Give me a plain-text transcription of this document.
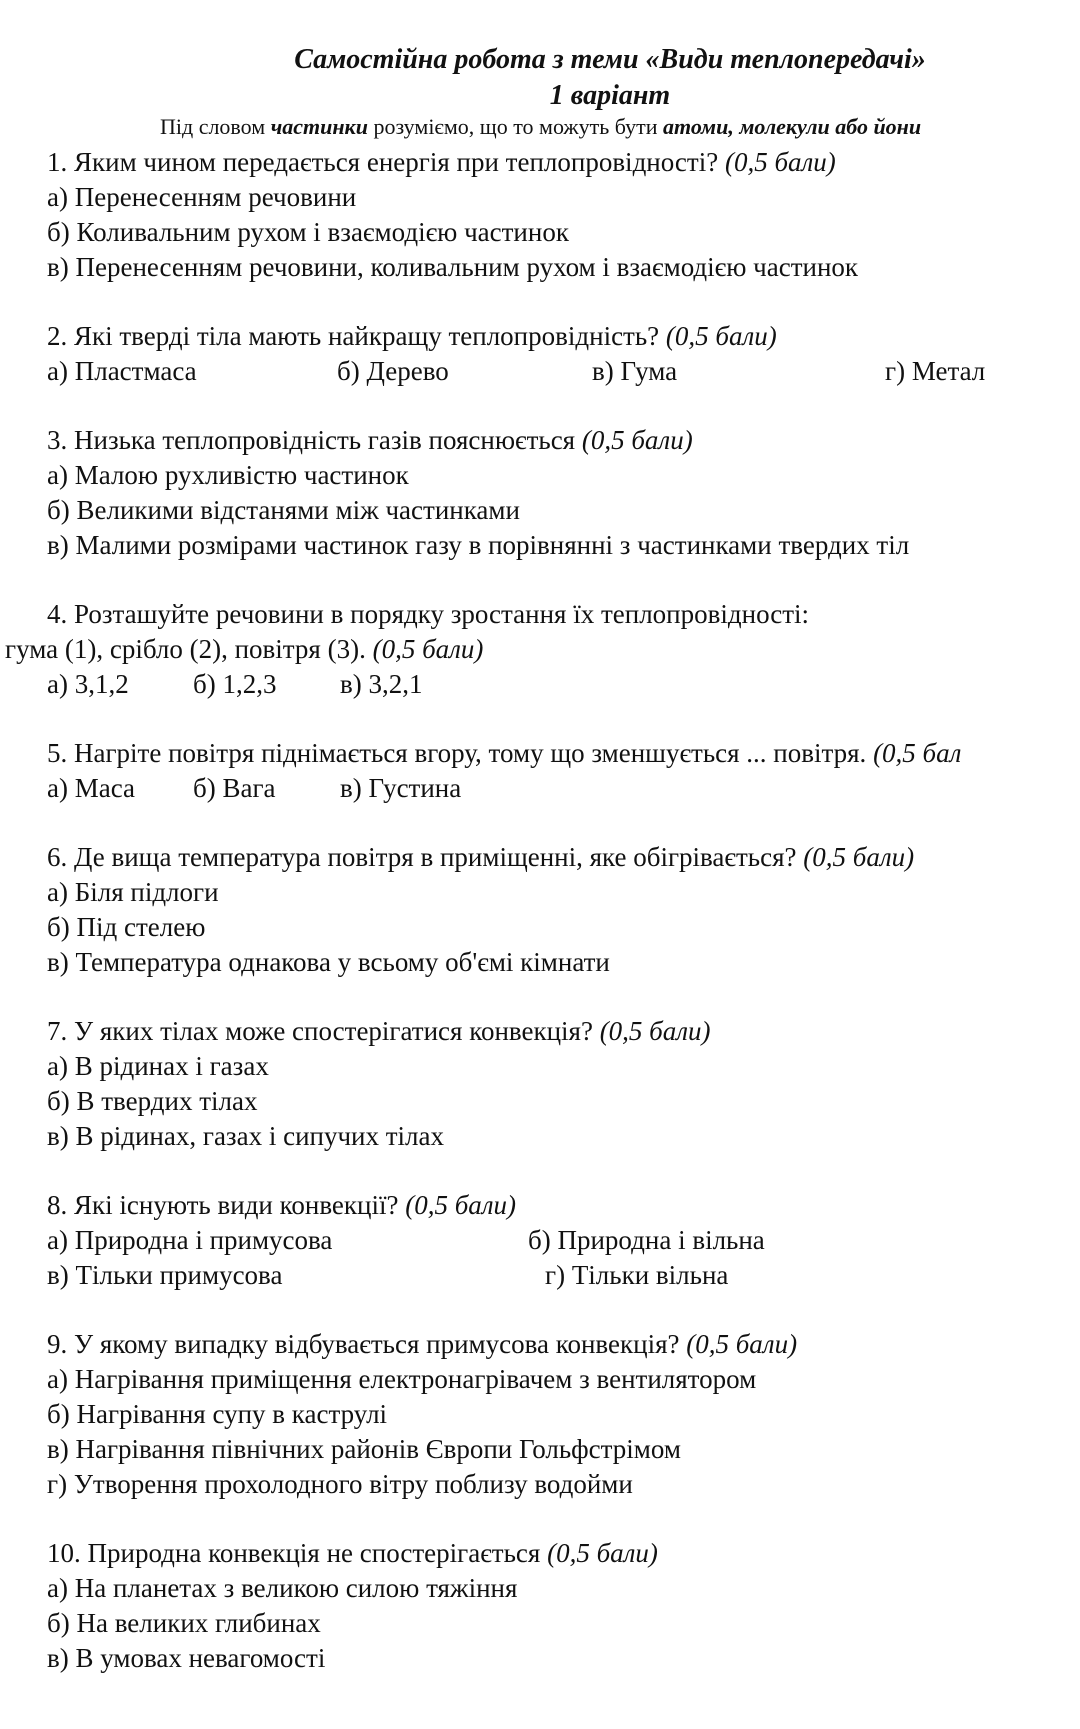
Самостійна робота з теми «Види теплопередачі»
1 варіант
Під словом частинки розуміємо, що то можуть бути атоми, молекули або йони
1. Яким чином передається енергія при теплопровідності? (0,5 бали)
а) Перенесенням речовини
б) Коливальним рухом і взаємодією частинок
в) Перенесенням речовини, коливальним рухом і взаємодією частинок
2. Які тверді тіла мають найкращу теплопровідність? (0,5 бали)
а) Пластмаса	б) Дерево	в) Гума	г) Метал
3. Низька теплопровідність газів пояснюється (0,5 бали)
а) Малою рухливістю частинок
б) Великими відстанями між частинками
в) Малими розмірами частинок газу в порівнянні з частинками твердих тіл
4. Розташуйте речовини в порядку зростання їх теплопровідності:
гума (1), срібло (2), повітря (3). (0,5 бали)
а) 3,1,2 б) 1,2,3 в) 3,2,1
5. Нагріте повітря піднімається вгору, тому що зменшується ... повітря. (0,5 бал
а) Маса б) Вага в) Густина
6. Де вища температура повітря в приміщенні, яке обігрівається? (0,5 бали)
а) Біля підлоги
б) Під стелею
в) Температура однакова у всьому об'ємі кімнати
7. У яких тілах може спостерігатися конвекція? (0,5 бали)
а) В рідинах і газах
б) В твердих тілах
в) В рідинах, газах і сипучих тілах
8. Які існують види конвекції? (0,5 бали)
а) Природна і примусова	б) Природна і вільна
в) Тільки примусова	г) Тільки вільна
9. У якому випадку відбувається примусова конвекція? (0,5 бали)
а) Нагрівання приміщення електронагрівачем з вентилятором
б) Нагрівання супу в каструлі
в) Нагрівання північних районів Європи Гольфстрімом
г) Утворення прохолодного вітру поблизу водойми
10. Природна конвекція не спостерігається (0,5 бали)
а) На планетах з великою силою тяжіння
б) На великих глибинах
в) В умовах невагомості
